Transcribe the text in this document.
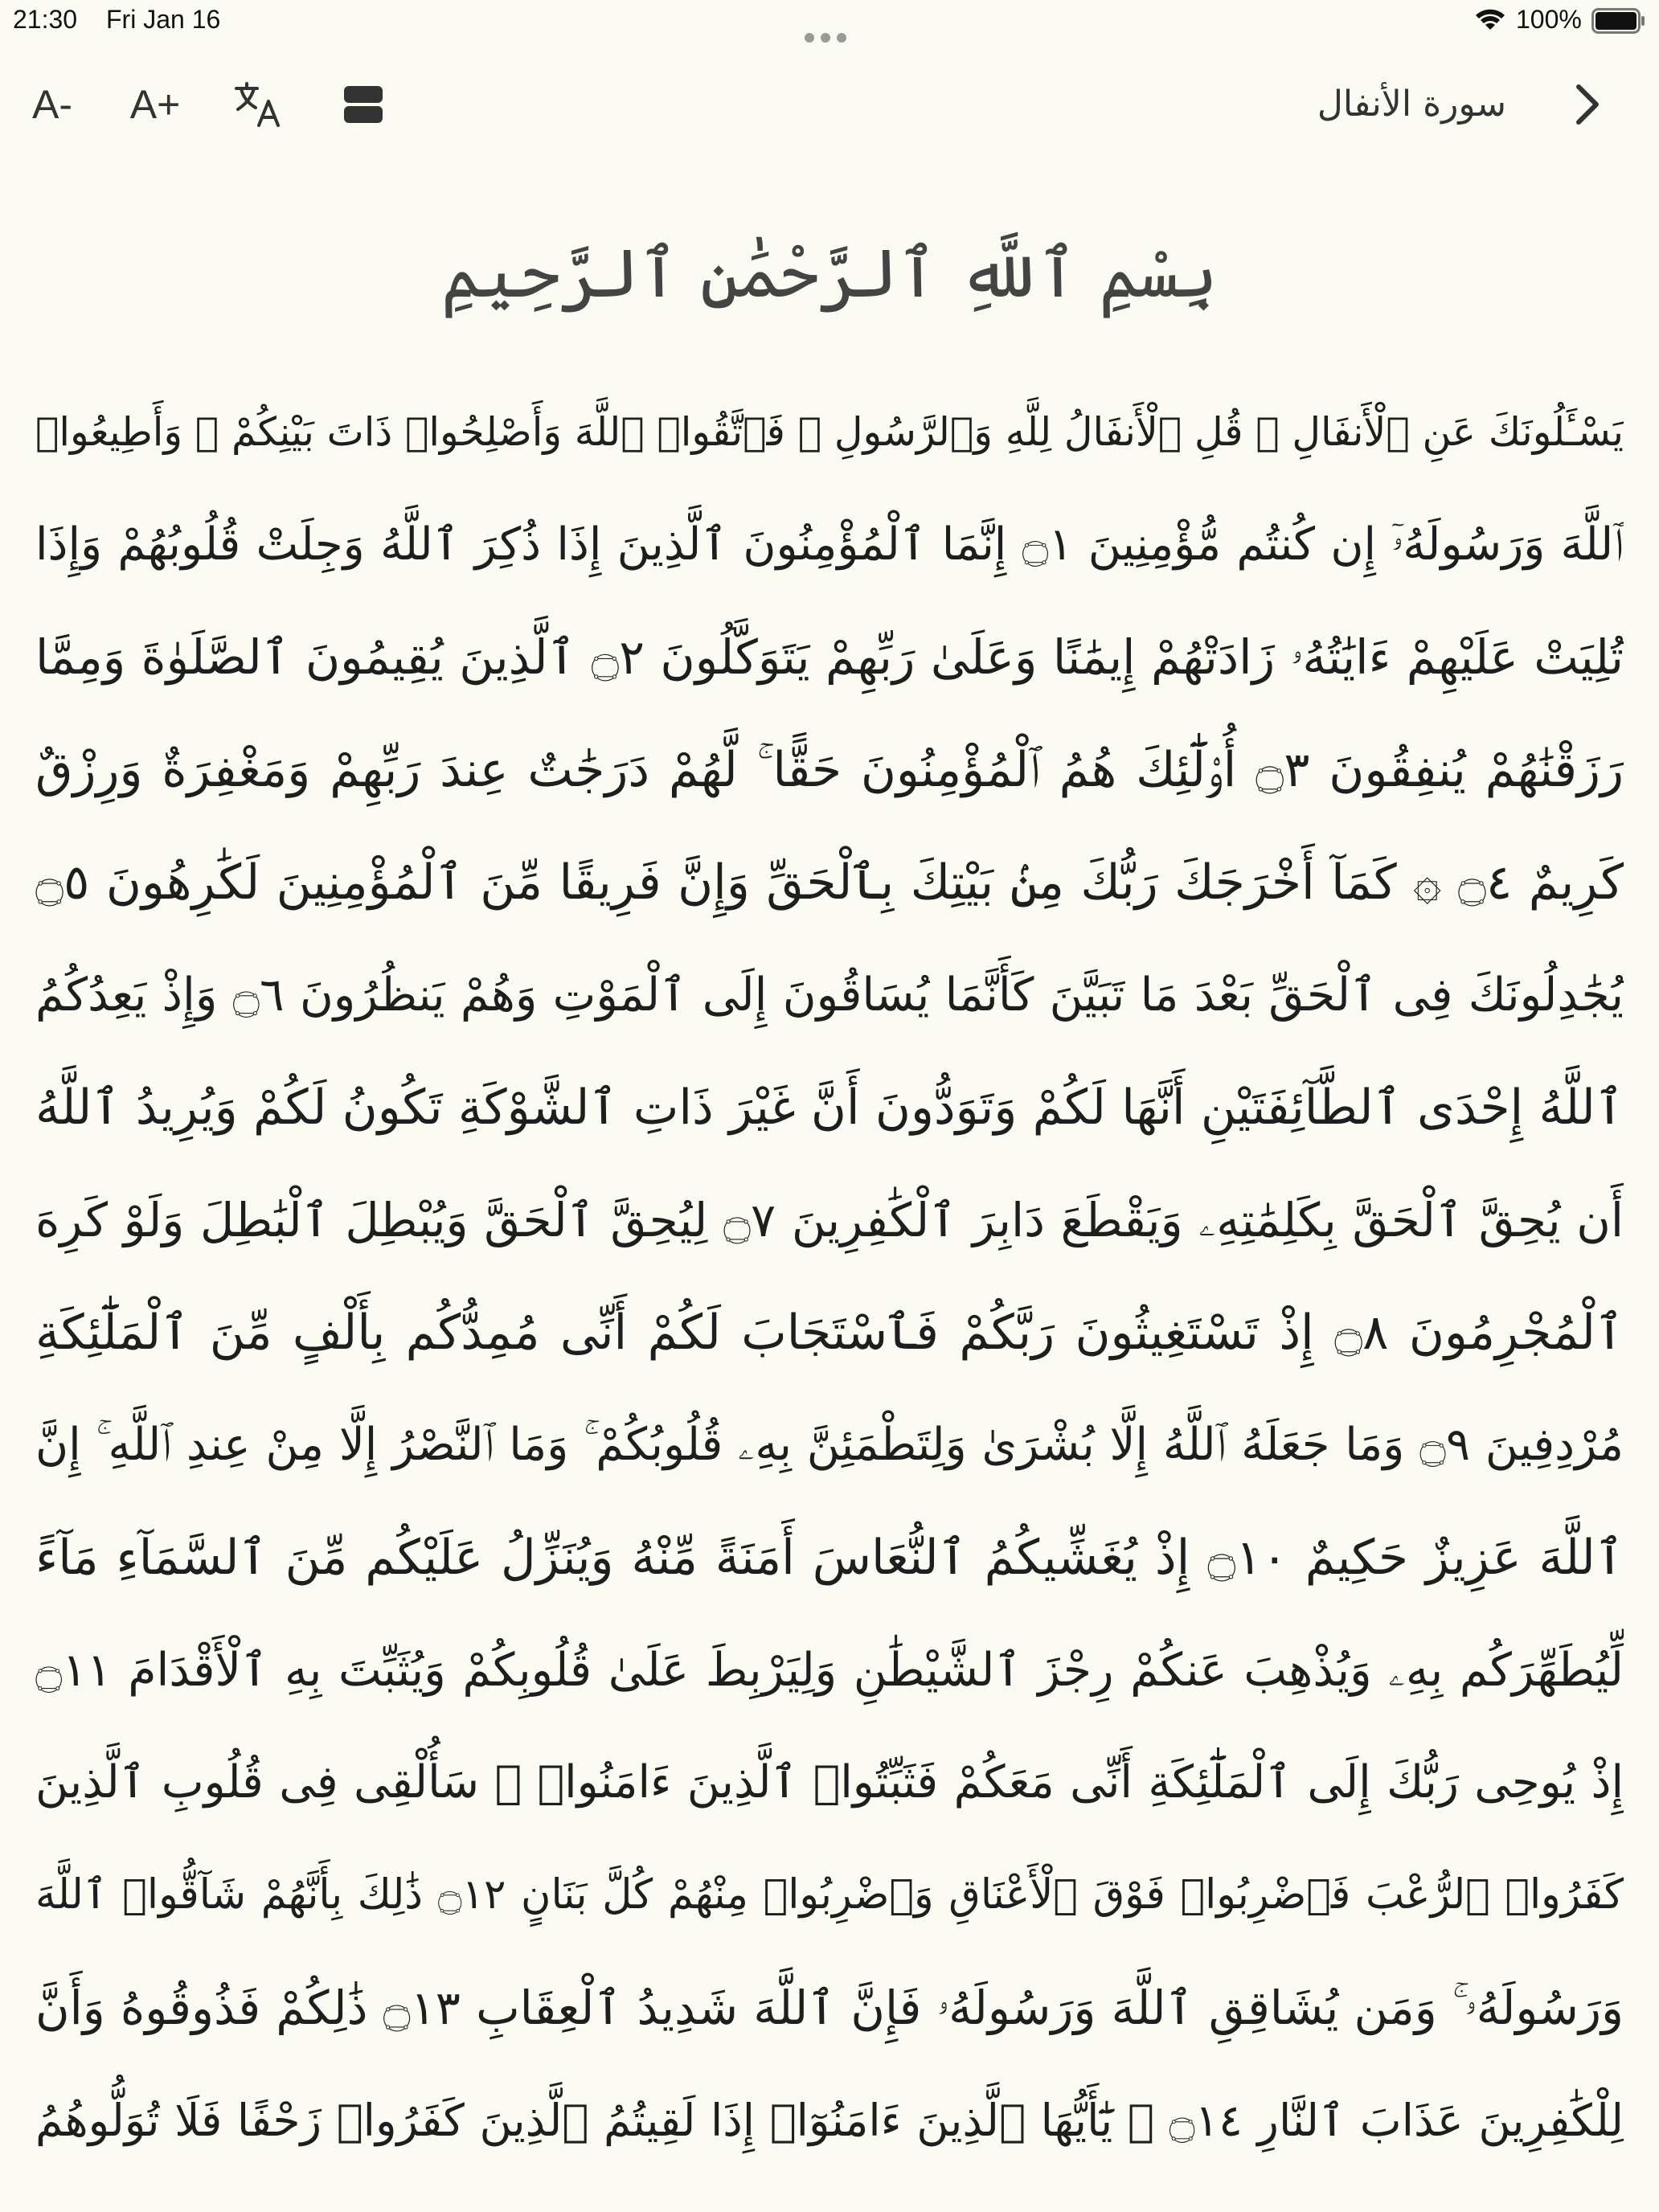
21:30 Fri Jan 16	100%
A- A+	سورة الأنفال
بِسْمِ ٱللَّهِ ٱلرَّحْمَٰنِ ٱلرَّحِيمِ
يَسْـَٔلُونَكَ عَنِ ٱلْأَنفَالِ ۖ قُلِ ٱلْأَنفَالُ لِلَّهِ وَٱلرَّسُولِ ۖ فَٱتَّقُوا۟ ٱللَّهَ وَأَصْلِحُوا۟ ذَاتَ بَيْنِكُمْ ۖ وَأَطِيعُوا۟
ٱللَّهَ وَرَسُولَهُۥٓ إِن كُنتُم مُّؤْمِنِينَ ۝١ إِنَّمَا ٱلْمُؤْمِنُونَ ٱلَّذِينَ إِذَا ذُكِرَ ٱللَّهُ وَجِلَتْ قُلُوبُهُمْ وَإِذَا
تُلِيَتْ عَلَيْهِمْ ءَايَٰتُهُۥ زَادَتْهُمْ إِيمَٰنًا وَعَلَىٰ رَبِّهِمْ يَتَوَكَّلُونَ ۝٢ ٱلَّذِينَ يُقِيمُونَ ٱلصَّلَوٰةَ وَمِمَّا
رَزَقْنَٰهُمْ يُنفِقُونَ ۝٣ أُو۟لَٰٓئِكَ هُمُ ٱلْمُؤْمِنُونَ حَقًّا ۚ لَّهُمْ دَرَجَٰتٌ عِندَ رَبِّهِمْ وَمَغْفِرَةٌ وَرِزْقٌ
كَرِيمٌ ۝٤ ۞ كَمَآ أَخْرَجَكَ رَبُّكَ مِنۢ بَيْتِكَ بِٱلْحَقِّ وَإِنَّ فَرِيقًا مِّنَ ٱلْمُؤْمِنِينَ لَكَٰرِهُونَ ۝٥
يُجَٰدِلُونَكَ فِى ٱلْحَقِّ بَعْدَ مَا تَبَيَّنَ كَأَنَّمَا يُسَاقُونَ إِلَى ٱلْمَوْتِ وَهُمْ يَنظُرُونَ ۝٦ وَإِذْ يَعِدُكُمُ
ٱللَّهُ إِحْدَى ٱلطَّآئِفَتَيْنِ أَنَّهَا لَكُمْ وَتَوَدُّونَ أَنَّ غَيْرَ ذَاتِ ٱلشَّوْكَةِ تَكُونُ لَكُمْ وَيُرِيدُ ٱللَّهُ
أَن يُحِقَّ ٱلْحَقَّ بِكَلِمَٰتِهِۦ وَيَقْطَعَ دَابِرَ ٱلْكَٰفِرِينَ ۝٧ لِيُحِقَّ ٱلْحَقَّ وَيُبْطِلَ ٱلْبَٰطِلَ وَلَوْ كَرِهَ
ٱلْمُجْرِمُونَ ۝٨ إِذْ تَسْتَغِيثُونَ رَبَّكُمْ فَٱسْتَجَابَ لَكُمْ أَنِّى مُمِدُّكُم بِأَلْفٍ مِّنَ ٱلْمَلَٰٓئِكَةِ
مُرْدِفِينَ ۝٩ وَمَا جَعَلَهُ ٱللَّهُ إِلَّا بُشْرَىٰ وَلِتَطْمَئِنَّ بِهِۦ قُلُوبُكُمْ ۚ وَمَا ٱلنَّصْرُ إِلَّا مِنْ عِندِ ٱللَّهِ ۚ إِنَّ
ٱللَّهَ عَزِيزٌ حَكِيمٌ ۝١٠ إِذْ يُغَشِّيكُمُ ٱلنُّعَاسَ أَمَنَةً مِّنْهُ وَيُنَزِّلُ عَلَيْكُم مِّنَ ٱلسَّمَآءِ مَآءً
لِّيُطَهِّرَكُم بِهِۦ وَيُذْهِبَ عَنكُمْ رِجْزَ ٱلشَّيْطَٰنِ وَلِيَرْبِطَ عَلَىٰ قُلُوبِكُمْ وَيُثَبِّتَ بِهِ ٱلْأَقْدَامَ ۝١١
إِذْ يُوحِى رَبُّكَ إِلَى ٱلْمَلَٰٓئِكَةِ أَنِّى مَعَكُمْ فَثَبِّتُوا۟ ٱلَّذِينَ ءَامَنُوا۟ ۚ سَأُلْقِى فِى قُلُوبِ ٱلَّذِينَ
كَفَرُوا۟ ٱلرُّعْبَ فَٱضْرِبُوا۟ فَوْقَ ٱلْأَعْنَاقِ وَٱضْرِبُوا۟ مِنْهُمْ كُلَّ بَنَانٍ ۝١٢ ذَٰلِكَ بِأَنَّهُمْ شَآقُّوا۟ ٱللَّهَ
وَرَسُولَهُۥ ۚ وَمَن يُشَاقِقِ ٱللَّهَ وَرَسُولَهُۥ فَإِنَّ ٱللَّهَ شَدِيدُ ٱلْعِقَابِ ۝١٣ ذَٰلِكُمْ فَذُوقُوهُ وَأَنَّ
لِلْكَٰفِرِينَ عَذَابَ ٱلنَّارِ ۝١٤ ۞ يَٰٓأَيُّهَا ٱلَّذِينَ ءَامَنُوٓا۟ إِذَا لَقِيتُمُ ٱلَّذِينَ كَفَرُوا۟ زَحْفًا فَلَا تُوَلُّوهُمُ
